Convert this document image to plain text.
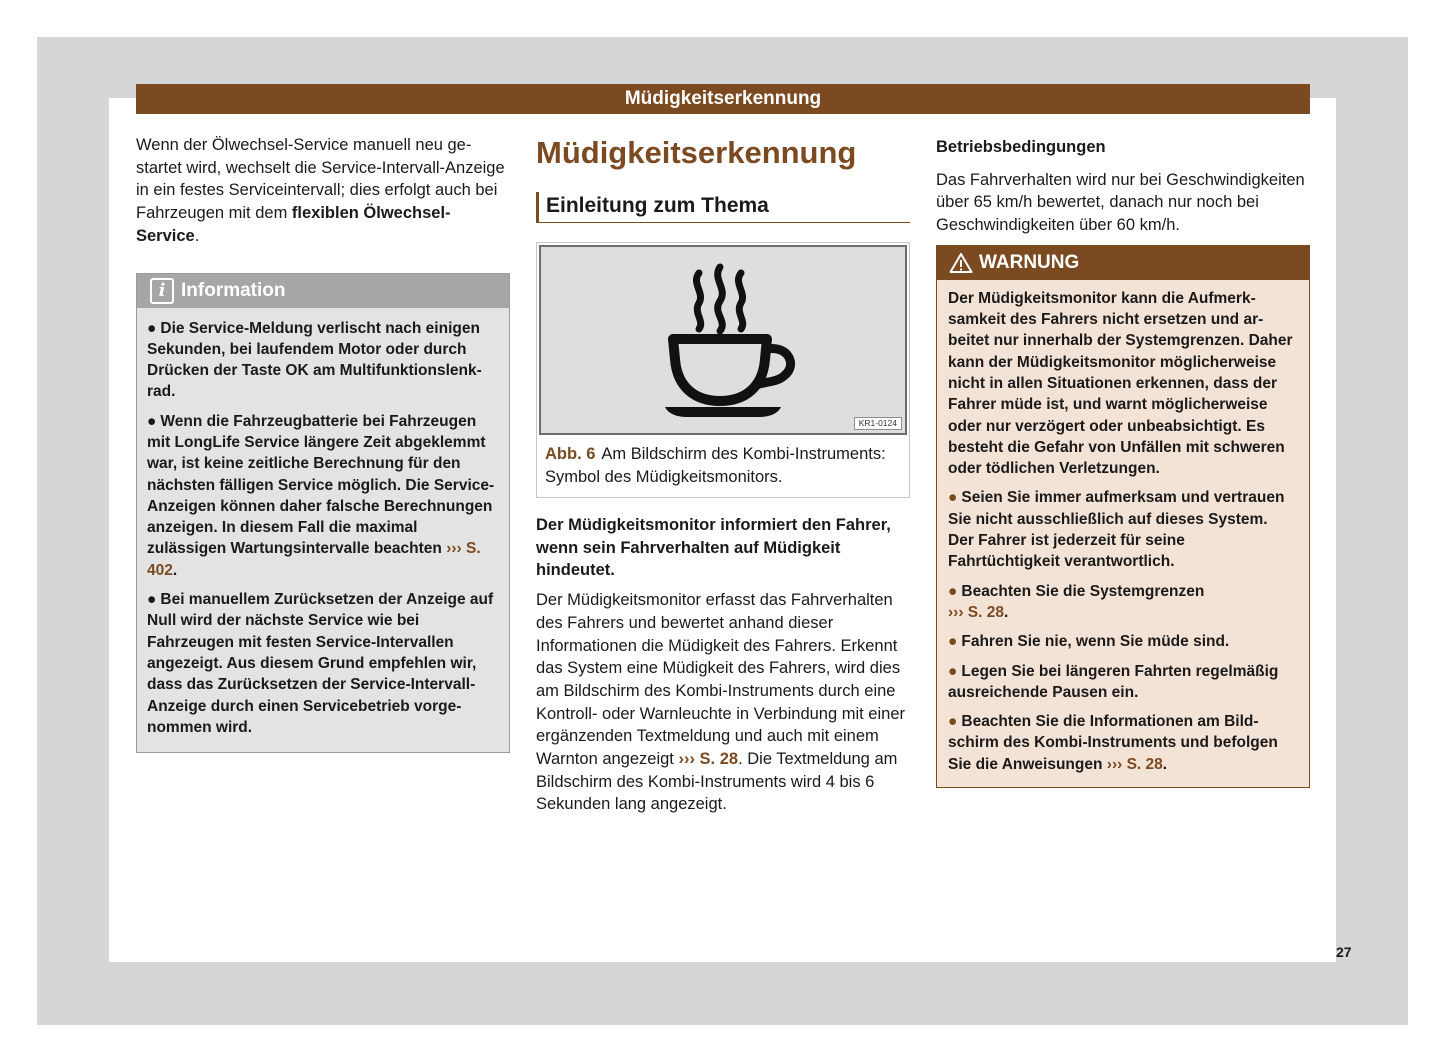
Müdigkeitserkennung

Wenn der Ölwechsel-Service manuell neu gestartet wird, wechselt die Service-Intervall-Anzeige in ein festes Serviceintervall; dies erfolgt auch bei Fahrzeugen mit dem flexiblen Ölwechsel-Service.

i Information

● Die Service-Meldung verlischt nach einigen Sekunden, bei laufendem Motor oder durch Drücken der Taste OK am Multifunktionslenkrad.

● Wenn die Fahrzeugbatterie bei Fahrzeugen mit LongLife Service längere Zeit abgeklemmt war, ist keine zeitliche Berechnung für den nächsten fälligen Service möglich. Die Service-Anzeigen können daher falsche Berechnungen anzeigen. In diesem Fall die maximal zulässigen Wartungsintervalle beachten ››› S. 402.

● Bei manuellem Zurücksetzen der Anzeige auf Null wird der nächste Service wie bei Fahrzeugen mit festen Service-Intervallen angezeigt. Aus diesem Grund empfehlen wir, dass das Zurücksetzen der Service-Intervall-Anzeige durch einen Servicebetrieb vorgenommen wird.

Müdigkeitserkennung
Einleitung zum Thema
KR1-0124
Abb. 6 Am Bildschirm des Kombi-Instruments: Symbol des Müdigkeitsmonitors.

Der Müdigkeitsmonitor informiert den Fahrer, wenn sein Fahrverhalten auf Müdigkeit hindeutet.

Der Müdigkeitsmonitor erfasst das Fahrverhalten des Fahrers und bewertet anhand dieser Informationen die Müdigkeit des Fahrers. Erkennt das System eine Müdigkeit des Fahrers, wird dies am Bildschirm des Kombi-Instruments durch eine Kontroll- oder Warnleuchte in Verbindung mit einer ergänzenden Textmeldung und auch mit einem Warnton angezeigt ››› S. 28. Die Textmeldung am Bildschirm des Kombi-Instruments wird 4 bis 6 Sekunden lang angezeigt.

Betriebsbedingungen

Das Fahrverhalten wird nur bei Geschwindigkeiten über 65 km/h bewertet, danach nur noch bei Geschwindigkeiten über 60 km/h.

WARNUNG

Der Müdigkeitsmonitor kann die Aufmerksamkeit des Fahrers nicht ersetzen und arbeitet nur innerhalb der Systemgrenzen. Daher kann der Müdigkeitsmonitor möglicherweise nicht in allen Situationen erkennen, dass der Fahrer müde ist, und warnt möglicherweise oder nur verzögert oder unbeabsichtigt. Es besteht die Gefahr von Unfällen mit schweren oder tödlichen Verletzungen.

● Seien Sie immer aufmerksam und vertrauen Sie nicht ausschließlich auf dieses System. Der Fahrer ist jederzeit für seine Fahrtüchtigkeit verantwortlich.

● Beachten Sie die Systemgrenzen
››› S. 28.

● Fahren Sie nie, wenn Sie müde sind.

● Legen Sie bei längeren Fahrten regelmäßig ausreichende Pausen ein.

● Beachten Sie die Informationen am Bildschirm des Kombi-Instruments und befolgen Sie die Anweisungen ››› S. 28.

27
